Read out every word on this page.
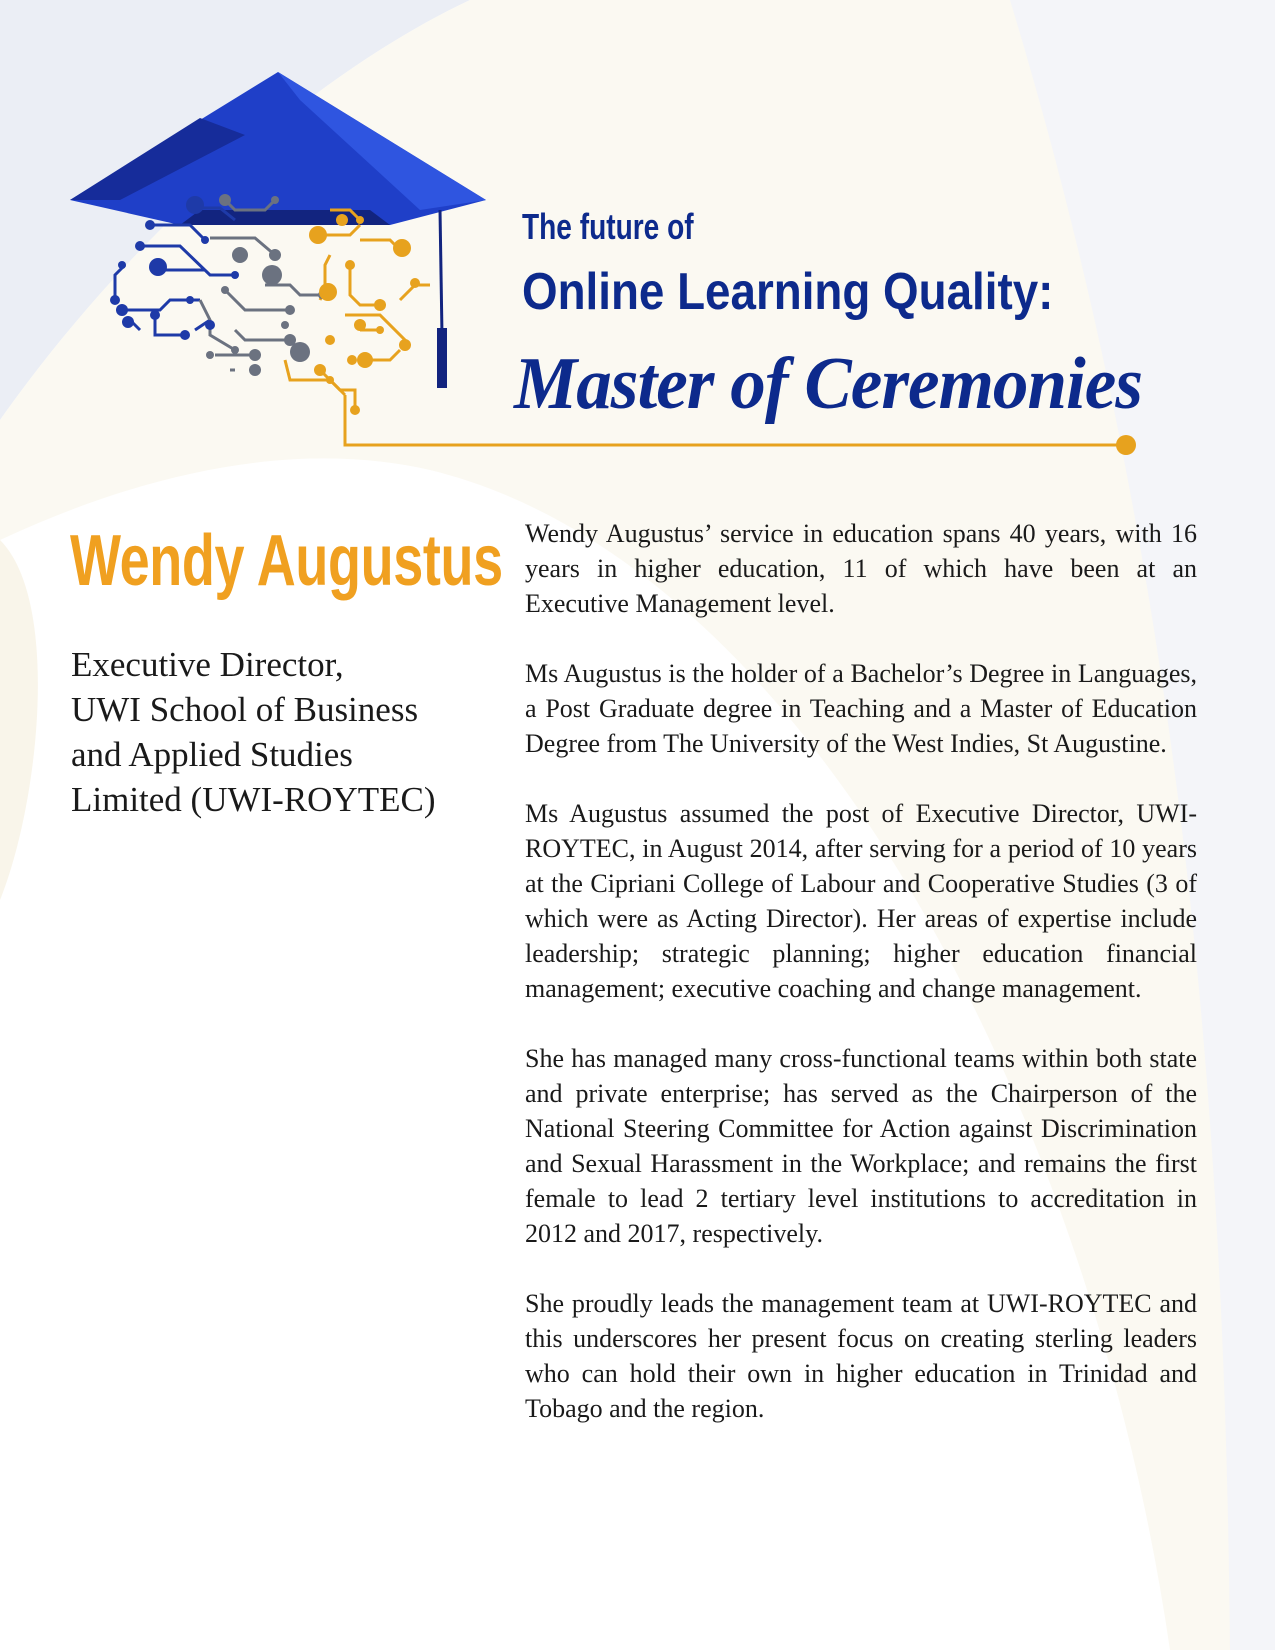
The future of
Online Learning Quality:
Master of Ceremonies
Wendy Augustus
Executive Director,
UWI School of Business
and Applied Studies
Limited (UWI-ROYTEC)

Wendy Augustus’ service in education spans 40 years, with 16 years in higher education, 11 of which have been at an Executive Management level.

Ms Augustus is the holder of a Bachelor’s Degree in Languages, a Post Graduate degree in Teaching and a Master of Education Degree from The University of the West Indies, St Augustine.

Ms Augustus assumed the post of Executive Director, UWI-ROYTEC, in August 2014, after serving for a period of 10 years at the Cipriani College of Labour and Cooperative Studies (3 of which were as Acting Director). Her areas of expertise include leadership; strategic planning; higher education financial management; executive coaching and change management.

She has managed many cross-functional teams within both state and private enterprise; has served as the Chairperson of the National Steering Committee for Action against Discrimination and Sexual Harassment in the Workplace; and remains the first female to lead 2 tertiary level institutions to accreditation in 2012 and 2017, respectively.

She proudly leads the management team at UWI-ROYTEC and this underscores her present focus on creating sterling leaders who can hold their own in higher education in Trinidad and Tobago and the region.
